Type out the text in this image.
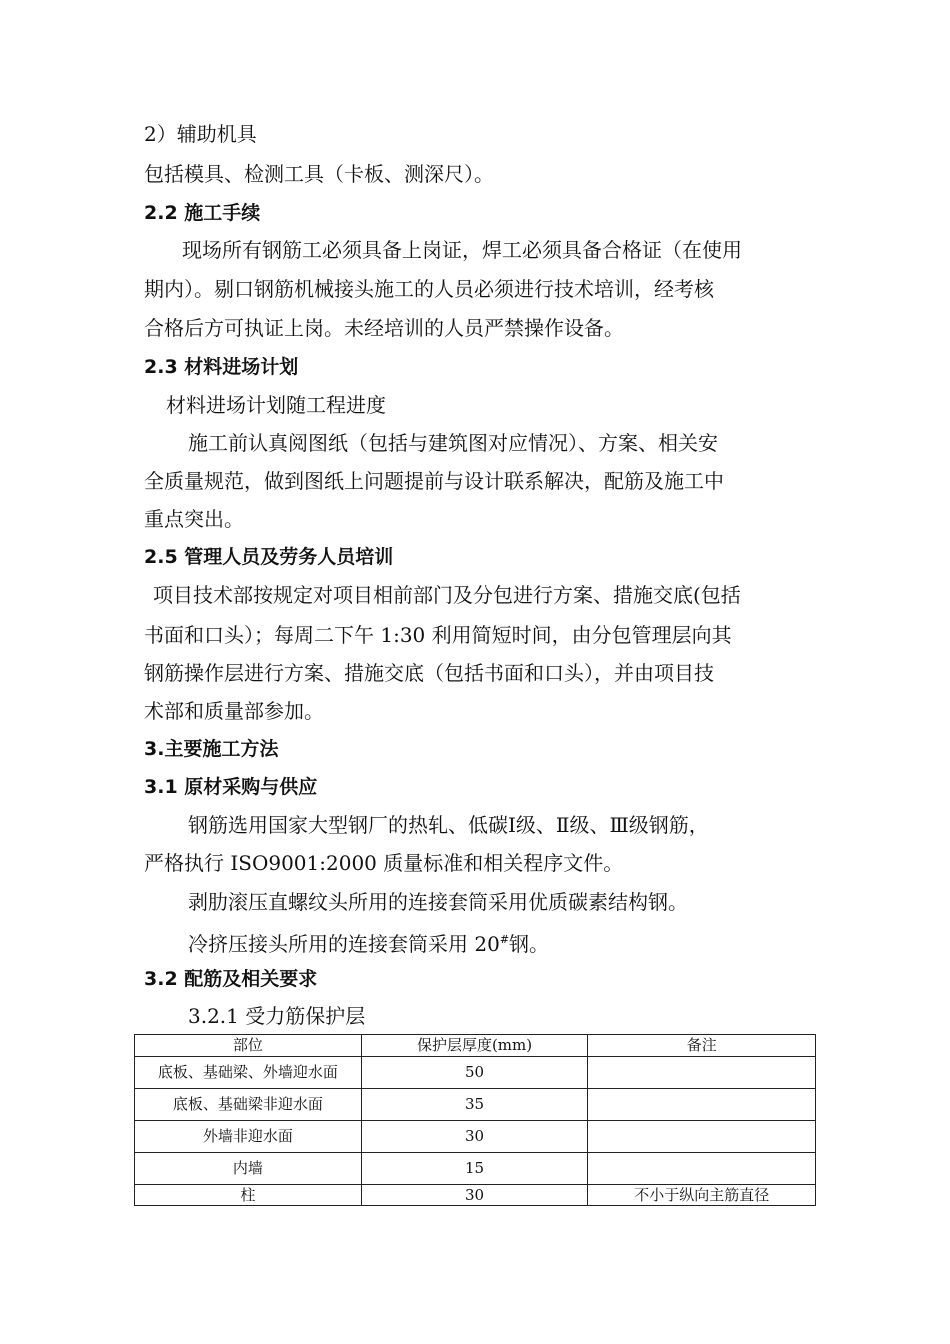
2）辅助机具
包括模具、检测工具（卡板、测深尺）。
2.2 施工手续
现场所有钢筋工必须具备上岗证，焊工必须具备合格证（在使用
期内）。剔口钢筋机械接头施工的人员必须进行技术培训，经考核
合格后方可执证上岗。未经培训的人员严禁操作设备。
2.3 材料进场计划
材料进场计划随工程进度
施工前认真阅图纸（包括与建筑图对应情况）、方案、相关安
全质量规范，做到图纸上问题提前与设计联系解决，配筋及施工中
重点突出。
2.5 管理人员及劳务人员培训
项目技术部按规定对项目相前部门及分包进行方案、措施交底(包括
书面和口头）；每周二下午 1:30 利用简短时间，由分包管理层向其
钢筋操作层进行方案、措施交底（包括书面和口头），并由项目技
术部和质量部参加。
3.主要施工方法
3.1 原材采购与供应
钢筋选用国家大型钢厂的热轧、低碳Ⅰ级、Ⅱ级、Ⅲ级钢筋，
严格执行 ISO9001:2000 质量标准和相关程序文件。
剥肋滚压直螺纹头所用的连接套筒采用优质碳素结构钢。
冷挤压接头所用的连接套筒采用 20#钢。
3.2 配筋及相关要求
3.2.1 受力筋保护层
部位	保护层厚度(mm)	备注
底板、基础梁、外墙迎水面	50	
底板、基础梁非迎水面	35	
外墙非迎水面	30	
内墙	15	
柱	30	不小于纵向主筋直径
